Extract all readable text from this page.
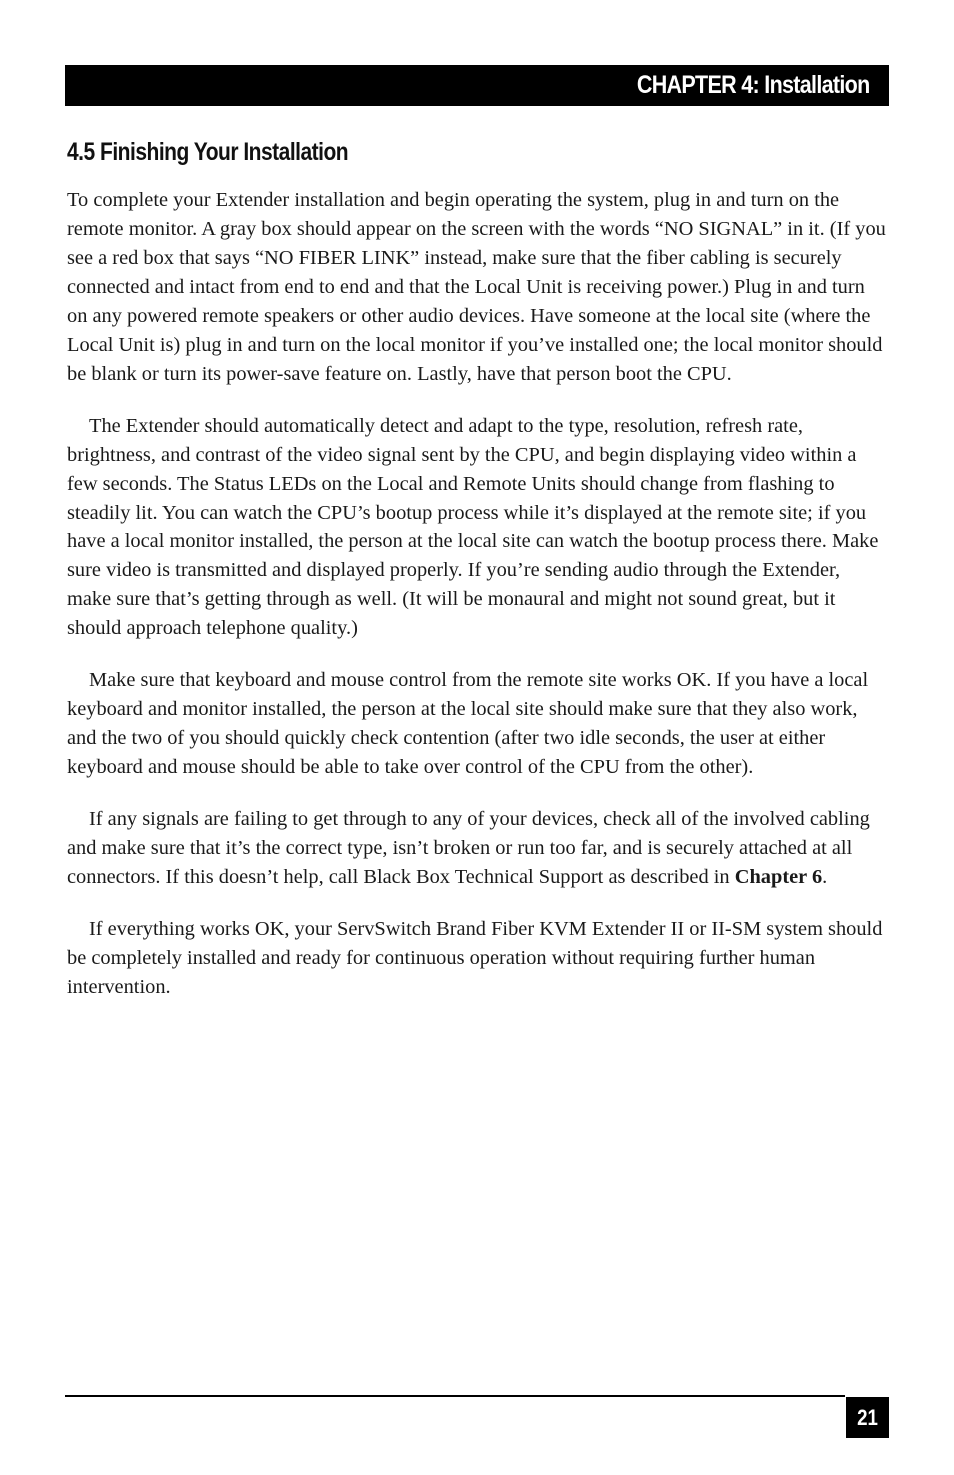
CHAPTER 4: Installation
4.5 Finishing Your Installation

To complete your Extender installation and begin operating the system, plug in and turn on the remote monitor. A gray box should appear on the screen with the words “NO SIGNAL” in it. (If you see a red box that says “NO FIBER LINK” instead, make sure that the fiber cabling is securely connected and intact from end to end and that the Local Unit is receiving power.) Plug in and turn on any powered remote speakers or other audio devices. Have someone at the local site (where the Local Unit is) plug in and turn on the local monitor if you’ve installed one; the local monitor should be blank or turn its power-save feature on. Lastly, have that person boot the CPU.

The Extender should automatically detect and adapt to the type, resolution, refresh rate, brightness, and contrast of the video signal sent by the CPU, and begin displaying video within a few seconds. The Status LEDs on the Local and Remote Units should change from flashing to steadily lit. You can watch the CPU’s bootup process while it’s displayed at the remote site; if you have a local monitor installed, the person at the local site can watch the bootup process there. Make sure video is transmitted and displayed properly. If you’re sending audio through the Extender, make sure that’s getting through as well. (It will be monaural and might not sound great, but it should approach telephone quality.)

Make sure that keyboard and mouse control from the remote site works OK. If you have a local keyboard and monitor installed, the person at the local site should make sure that they also work, and the two of you should quickly check contention (after two idle seconds, the user at either keyboard and mouse should be able to take over control of the CPU from the other).

If any signals are failing to get through to any of your devices, check all of the involved cabling and make sure that it’s the correct type, isn’t broken or run too far, and is securely attached at all connectors. If this doesn’t help, call Black Box Technical Support as described in Chapter 6.

If everything works OK, your ServSwitch Brand Fiber KVM Extender II or II-SM system should be completely installed and ready for continuous operation without requiring further human intervention.

21
